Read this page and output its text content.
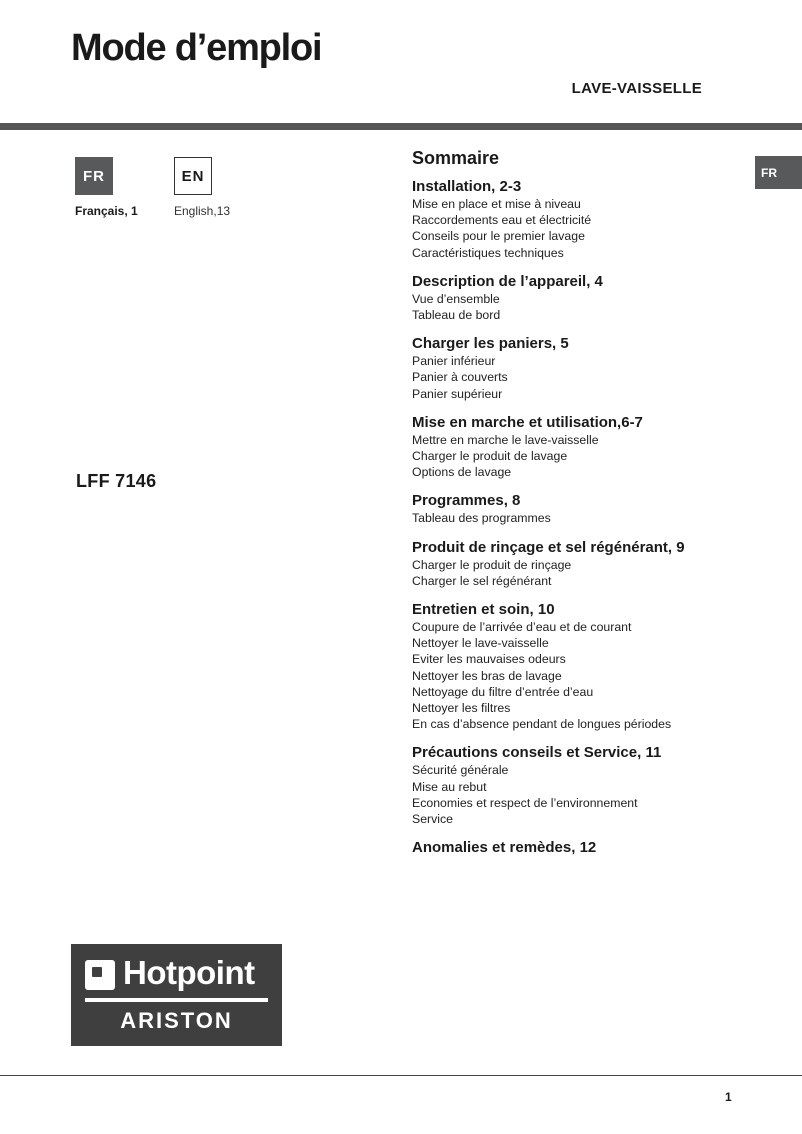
Mode d’emploi
LAVE-VAISSELLE
FR	EN
Français, 1	English,13
FR
LFF 7146
Sommaire
Installation, 2-3
Mise en place et mise à niveau
Raccordements eau et électricité
Conseils pour le premier lavage
Caractéristiques techniques
Description de l’appareil, 4
Vue d’ensemble
Tableau de bord
Charger les paniers, 5
Panier inférieur
Panier à couverts
Panier supérieur
Mise en marche et utilisation,6-7
Mettre en marche le lave-vaisselle
Charger le produit de lavage
Options de lavage
Programmes, 8
Tableau des programmes
Produit de rinçage et sel régénérant, 9
Charger le produit de rinçage
Charger le sel régénérant
Entretien et soin, 10
Coupure de l’arrivée d’eau et de courant
Nettoyer le lave-vaisselle
Eviter les mauvaises odeurs
Nettoyer les bras de lavage
Nettoyage du filtre d’entrée d’eau
Nettoyer les filtres
En cas d’absence pendant de longues périodes
Précautions conseils et Service, 11
Sécurité générale
Mise au rebut
Economies et respect de l’environnement
Service
Anomalies et remèdes, 12
Hotpoint
ARISTON
1
